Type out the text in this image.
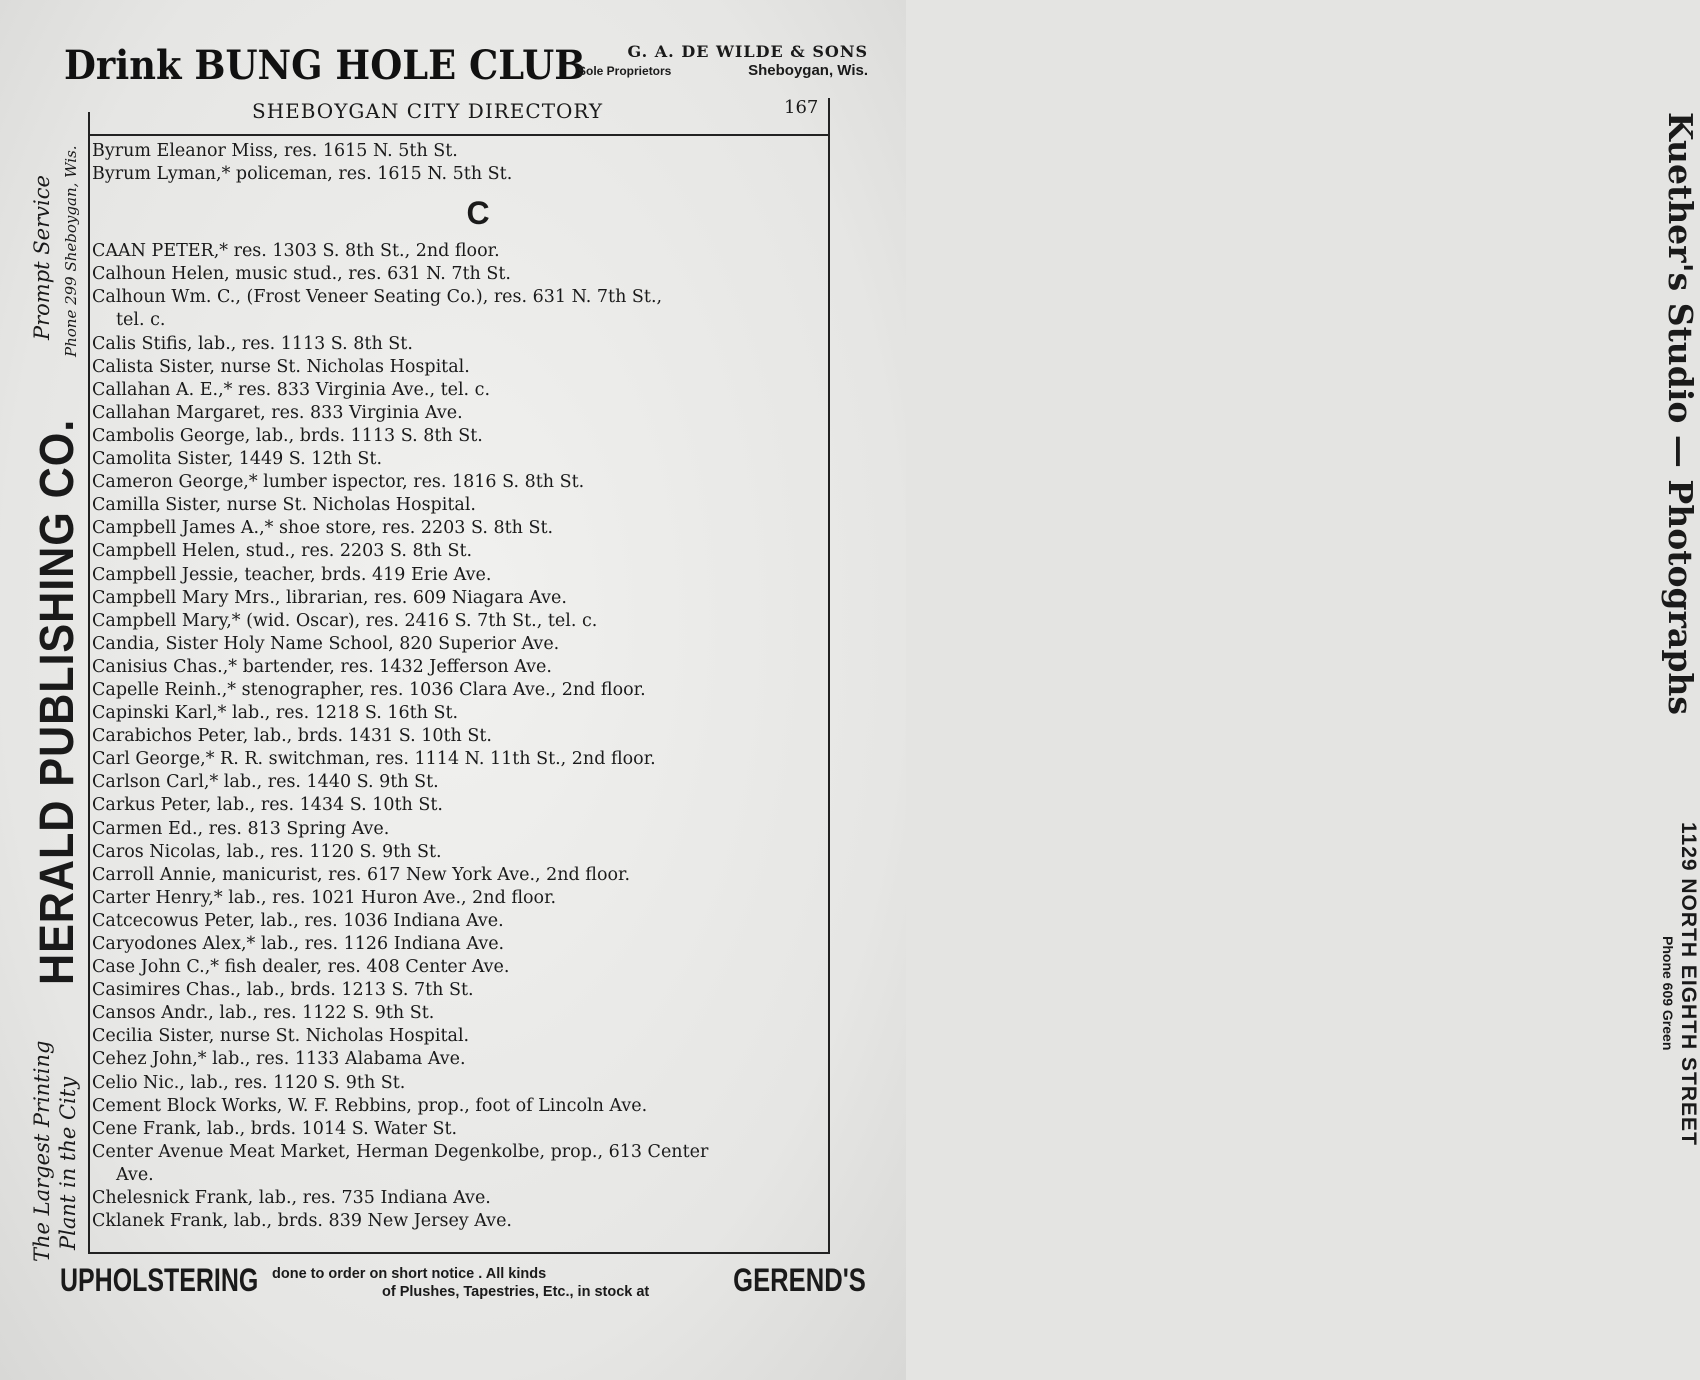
Drink BUNG HOLE CLUB	G. A. DE WILDE & SONS
Sole Proprietors	Sheboygan, Wis.
SHEBOYGAN CITY DIRECTORY	167
Byrum Eleanor Miss, res. 1615 N. 5th St.
Byrum Lyman,* policeman, res. 1615 N. 5th St.
C
CAAN PETER,* res. 1303 S. 8th St., 2nd floor.
Calhoun Helen, music stud., res. 631 N. 7th St.
Calhoun Wm. C., (Frost Veneer Seating Co.), res. 631 N. 7th St.,
tel. c.
Calis Stifis, lab., res. 1113 S. 8th St.
Calista Sister, nurse St. Nicholas Hospital.
Callahan A. E.,* res. 833 Virginia Ave., tel. c.
Callahan Margaret, res. 833 Virginia Ave.
Cambolis George, lab., brds. 1113 S. 8th St.
Camolita Sister, 1449 S. 12th St.
Cameron George,* lumber ispector, res. 1816 S. 8th St.
Camilla Sister, nurse St. Nicholas Hospital.
Campbell James A.,* shoe store, res. 2203 S. 8th St.
Campbell Helen, stud., res. 2203 S. 8th St.
Campbell Jessie, teacher, brds. 419 Erie Ave.
Campbell Mary Mrs., librarian, res. 609 Niagara Ave.
Campbell Mary,* (wid. Oscar), res. 2416 S. 7th St., tel. c.
Candia, Sister Holy Name School, 820 Superior Ave.
Canisius Chas.,* bartender, res. 1432 Jefferson Ave.
Capelle Reinh.,* stenographer, res. 1036 Clara Ave., 2nd floor.
Capinski Karl,* lab., res. 1218 S. 16th St.
Carabichos Peter, lab., brds. 1431 S. 10th St.
Carl George,* R. R. switchman, res. 1114 N. 11th St., 2nd floor.
Carlson Carl,* lab., res. 1440 S. 9th St.
Carkus Peter, lab., res. 1434 S. 10th St.
Carmen Ed., res. 813 Spring Ave.
Caros Nicolas, lab., res. 1120 S. 9th St.
Carroll Annie, manicurist, res. 617 New York Ave., 2nd floor.
Carter Henry,* lab., res. 1021 Huron Ave., 2nd floor.
Catcecowus Peter, lab., res. 1036 Indiana Ave.
Caryodones Alex,* lab., res. 1126 Indiana Ave.
Case John C.,* fish dealer, res. 408 Center Ave.
Casimires Chas., lab., brds. 1213 S. 7th St.
Cansos Andr., lab., res. 1122 S. 9th St.
Cecilia Sister, nurse St. Nicholas Hospital.
Cehez John,* lab., res. 1133 Alabama Ave.
Celio Nic., lab., res. 1120 S. 9th St.
Cement Block Works, W. F. Rebbins, prop., foot of Lincoln Ave.
Cene Frank, lab., brds. 1014 S. Water St.
Center Avenue Meat Market, Herman Degenkolbe, prop., 613 Center
Ave.
Chelesnick Frank, lab., res. 735 Indiana Ave.
Cklanek Frank, lab., brds. 839 New Jersey Ave.
HERALD PUBLISHING CO.
The Largest Printing Plant in the City
Prompt Service Phone 299 Sheboygan, Wis.	Kuether's Studio — Photographs
1129 NORTH EIGHTH STREET
Phone 609 Green
UPHOLSTERING done to order on short notice . All kinds
of Plushes, Tapestries, Etc., in stock at	GEREND'S
